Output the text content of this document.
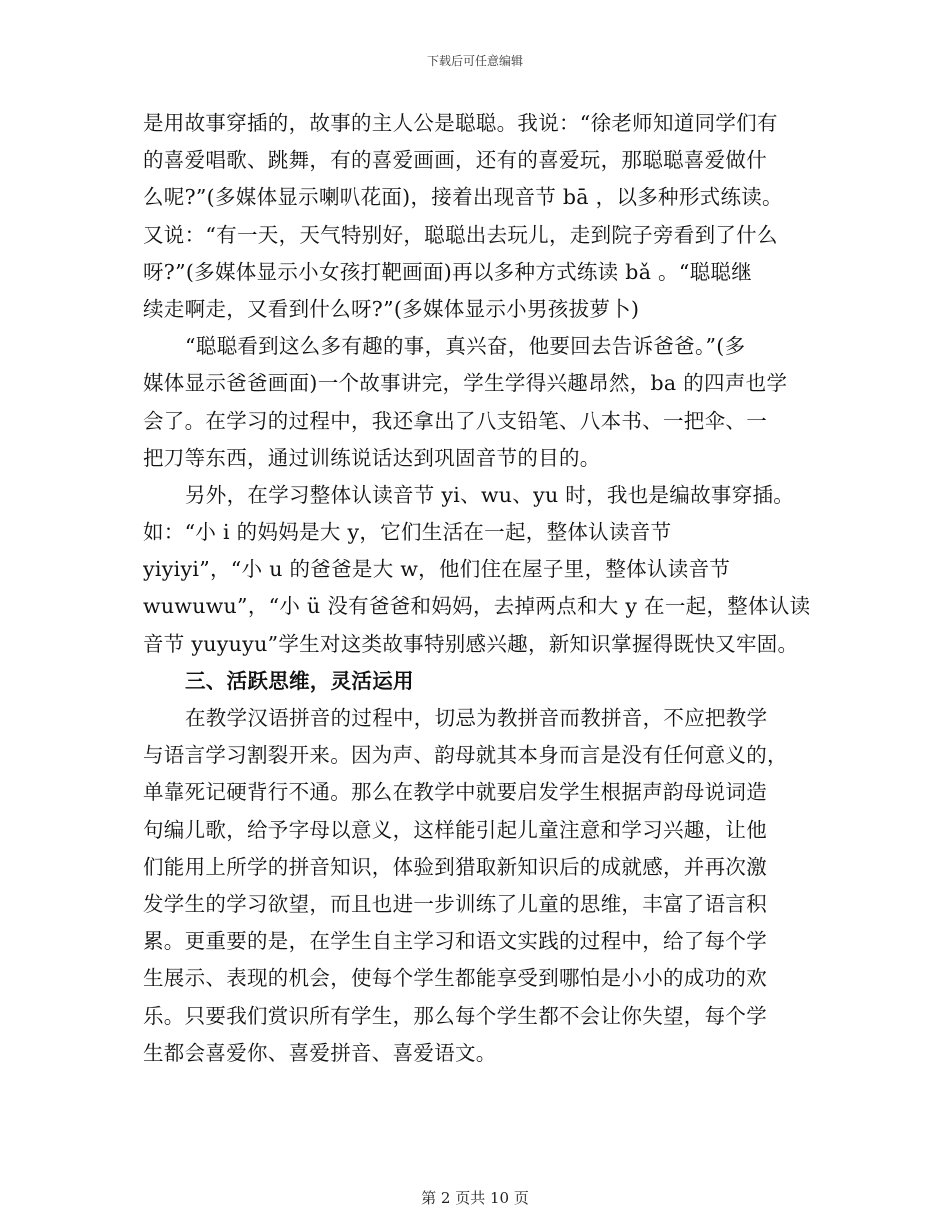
下载后可任意编辑
是用故事穿插的，故事的主人公是聪聪。我说：“徐老师知道同学们有
的喜爱唱歌、跳舞，有的喜爱画画，还有的喜爱玩，那聪聪喜爱做什
么呢?”(多媒体显示喇叭花面)，接着出现音节 bā ，以多种形式练读。
又说：“有一天，天气特别好，聪聪出去玩儿，走到院子旁看到了什么
呀?”(多媒体显示小女孩打靶画面)再以多种方式练读 bǎ 。“聪聪继
续走啊走，又看到什么呀?”(多媒体显示小男孩拔萝卜)
“聪聪看到这么多有趣的事，真兴奋，他要回去告诉爸爸。”(多
媒体显示爸爸画面)一个故事讲完，学生学得兴趣昂然，ba 的四声也学
会了。在学习的过程中，我还拿出了八支铅笔、八本书、一把伞、一
把刀等东西，通过训练说话达到巩固音节的目的。
另外，在学习整体认读音节 yi、wu、yu 时，我也是编故事穿插。
如：“小 i 的妈妈是大 y，它们生活在一起，整体认读音节
yiyiyi”，“小 u 的爸爸是大 w，他们住在屋子里，整体认读音节
wuwuwu”，“小 ü 没有爸爸和妈妈，去掉两点和大 y 在一起，整体认读
音节 yuyuyu”学生对这类故事特别感兴趣，新知识掌握得既快又牢固。
三、活跃思维，灵活运用
在教学汉语拼音的过程中，切忌为教拼音而教拼音，不应把教学
与语言学习割裂开来。因为声、韵母就其本身而言是没有任何意义的，
单靠死记硬背行不通。那么在教学中就要启发学生根据声韵母说词造
句编儿歌，给予字母以意义，这样能引起儿童注意和学习兴趣，让他
们能用上所学的拼音知识，体验到猎取新知识后的成就感，并再次激
发学生的学习欲望，而且也进一步训练了儿童的思维，丰富了语言积
累。更重要的是，在学生自主学习和语文实践的过程中，给了每个学
生展示、表现的机会，使每个学生都能享受到哪怕是小小的成功的欢
乐。只要我们赏识所有学生，那么每个学生都不会让你失望，每个学
生都会喜爱你、喜爱拼音、喜爱语文。
第 2 页共 10 页
